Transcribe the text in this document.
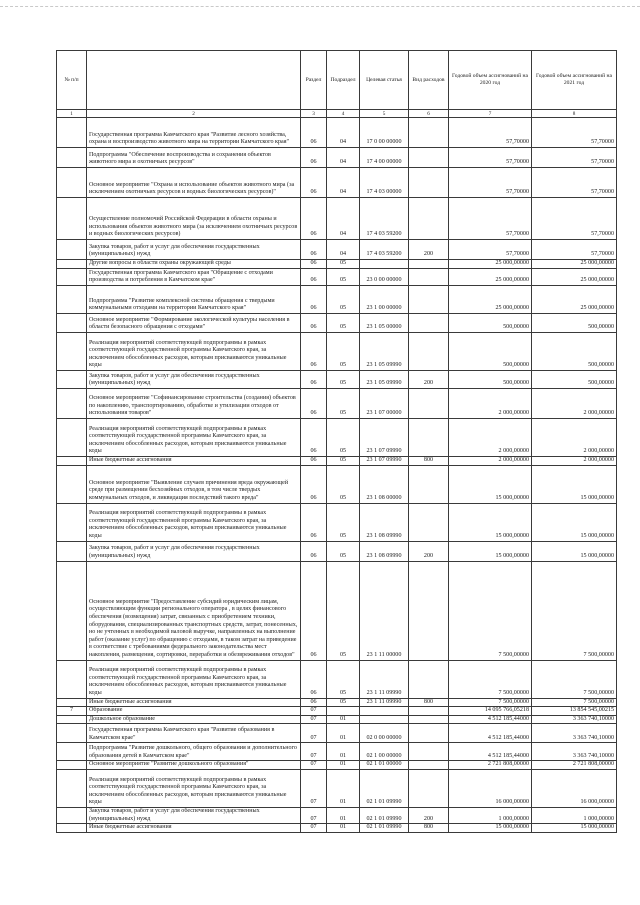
№ п/п		Раздел	Подраздел	Целевая статья	Вид расходов	Годовой объем ассигнований на 2020 год	Годовой объем ассигнований на 2021 год
1	2	3	4	5	6	7	8
	Государственная программа Камчатского края "Развитие лесного хозяйства, охрана и воспроизводство животного мира на территории Камчатского края"	06	04	17 0 00 00000		57,70000	57,70000
	Подпрограмма "Обеспечение воспроизводства и сохранения объектов животного мира и охотничьих ресурсов"	06	04	17 4 00 00000		57,70000	57,70000
	Основное мероприятие "Охрана и использование объектов животного мира (за исключением охотничьих ресурсов и водных биологических ресурсов)"	06	04	17 4 03 00000		57,70000	57,70000
	Осуществление полномочий Российской Федерации в области охраны и использования объектов животного мира (за исключением охотничьих ресурсов и водных биологических ресурсов)	06	04	17 4 03 59200		57,70000	57,70000
	Закупка товаров, работ и услуг для обеспечения государственных (муниципальных) нужд	06	04	17 4 03 59200	200	57,70000	57,70000
	Другие вопросы в области охраны окружающей среды	06	05			25 000,00000	25 000,00000
	Государственная программа Камчатского края "Обращение с отходами производства и потребления в Камчатском крае"	06	05	23 0 00 00000		25 000,00000	25 000,00000
	Подпрограмма "Развитие комплексной системы обращения с твердыми коммунальными отходами на территории Камчатского края"	06	05	23 1 00 00000		25 000,00000	25 000,00000
	Основное мероприятие "Формирование экологической культуры населения в области безопасного обращения с отходами"	06	05	23 1 05 00000		500,00000	500,00000
	Реализация мероприятий соответствующей подпрограммы в рамках соответствующей государственной программы Камчатского края, за исключением обособленных расходов, которым присваиваются уникальные коды	06	05	23 1 05 09990		500,00000	500,00000
	Закупка товаров, работ и услуг для обеспечения государственных (муниципальных) нужд	06	05	23 1 05 09990	200	500,00000	500,00000
	Основное мероприятие "Софинансирование строительства (создания) объектов по накоплению, транспортированию, обработке и утилизации отходов от использования товаров"	06	05	23 1 07 00000		2 000,00000	2 000,00000
	Реализация мероприятий соответствующей подпрограммы в рамках соответствующей государственной программы Камчатского края, за исключением обособленных расходов, которым присваиваются уникальные коды	06	05	23 1 07 09990		2 000,00000	2 000,00000
	Иные бюджетные ассигнования	06	05	23 1 07 09990	800	2 000,00000	2 000,00000
	Основное мероприятие "Выявление случаев причинения вреда окружающей среде при размещении бесхозяйных отходов, в том числе твердых коммунальных отходов, и ликвидация последствий такого вреда"	06	05	23 1 08 00000		15 000,00000	15 000,00000
	Реализация мероприятий соответствующей подпрограммы в рамках соответствующей государственной программы Камчатского края, за исключением обособленных расходов, которым присваиваются уникальные коды	06	05	23 1 08 09990		15 000,00000	15 000,00000
	Закупка товаров, работ и услуг для обеспечения государственных (муниципальных) нужд	06	05	23 1 08 09990	200	15 000,00000	15 000,00000
	Основное мероприятие "Предоставление субсидий юридическим лицам, осуществляющим функции регионального оператора , в целях финансового обеспечения (возмещения) затрат, связанных с приобретением техники, оборудования, специализированных транспортных средств, затрат, понесенных, но не учтенных в необходимой валовой выручке, направленных на выполнение работ (оказание услуг) по обращению с отходами, в таком затрат на приведение в соответствие с требованиями федерального законодательства мест накопления, размещения, сортировки, переработки и обезвреживания отходов"	06	05	23 1 11 00000		7 500,00000	7 500,00000
	Реализация мероприятий соответствующей подпрограммы в рамках соответствующей государственной программы Камчатского края, за исключением обособленных расходов, которым присваиваются уникальные коды	06	05	23 1 11 09990		7 500,00000	7 500,00000
	Иные бюджетные ассигнования	06	05	23 1 11 09990	800	7 500,00000	7 500,00000
7	Образование	07				14 095 766,05218	13 854 545,00215
	Дошкольное образование	07	01			4 512 185,44000	3 363 740,10000
	Государственная программа Камчатского края "Развитие образования в Камчатском крае"	07	01	02 0 00 00000		4 512 185,44000	3 363 740,10000
	Подпрограмма "Развитие дошкольного, общего образования и дополнительного образования детей в Камчатском крае"	07	01	02 1 00 00000		4 512 185,44000	3 363 740,10000
	Основное мероприятие "Развитие дошкольного образования"	07	01	02 1 01 00000		2 721 808,00000	2 721 808,00000
	Реализация мероприятий соответствующей подпрограммы в рамках соответствующей государственной программы Камчатского края, за исключением обособленных расходов, которым присваиваются уникальные коды	07	01	02 1 01 09990		16 000,00000	16 000,00000
	Закупка товаров, работ и услуг для обеспечения государственных (муниципальных) нужд	07	01	02 1 01 09990	200	1 000,00000	1 000,00000
	Иные бюджетные ассигнования	07	01	02 1 01 09990	800	15 000,00000	15 000,00000
